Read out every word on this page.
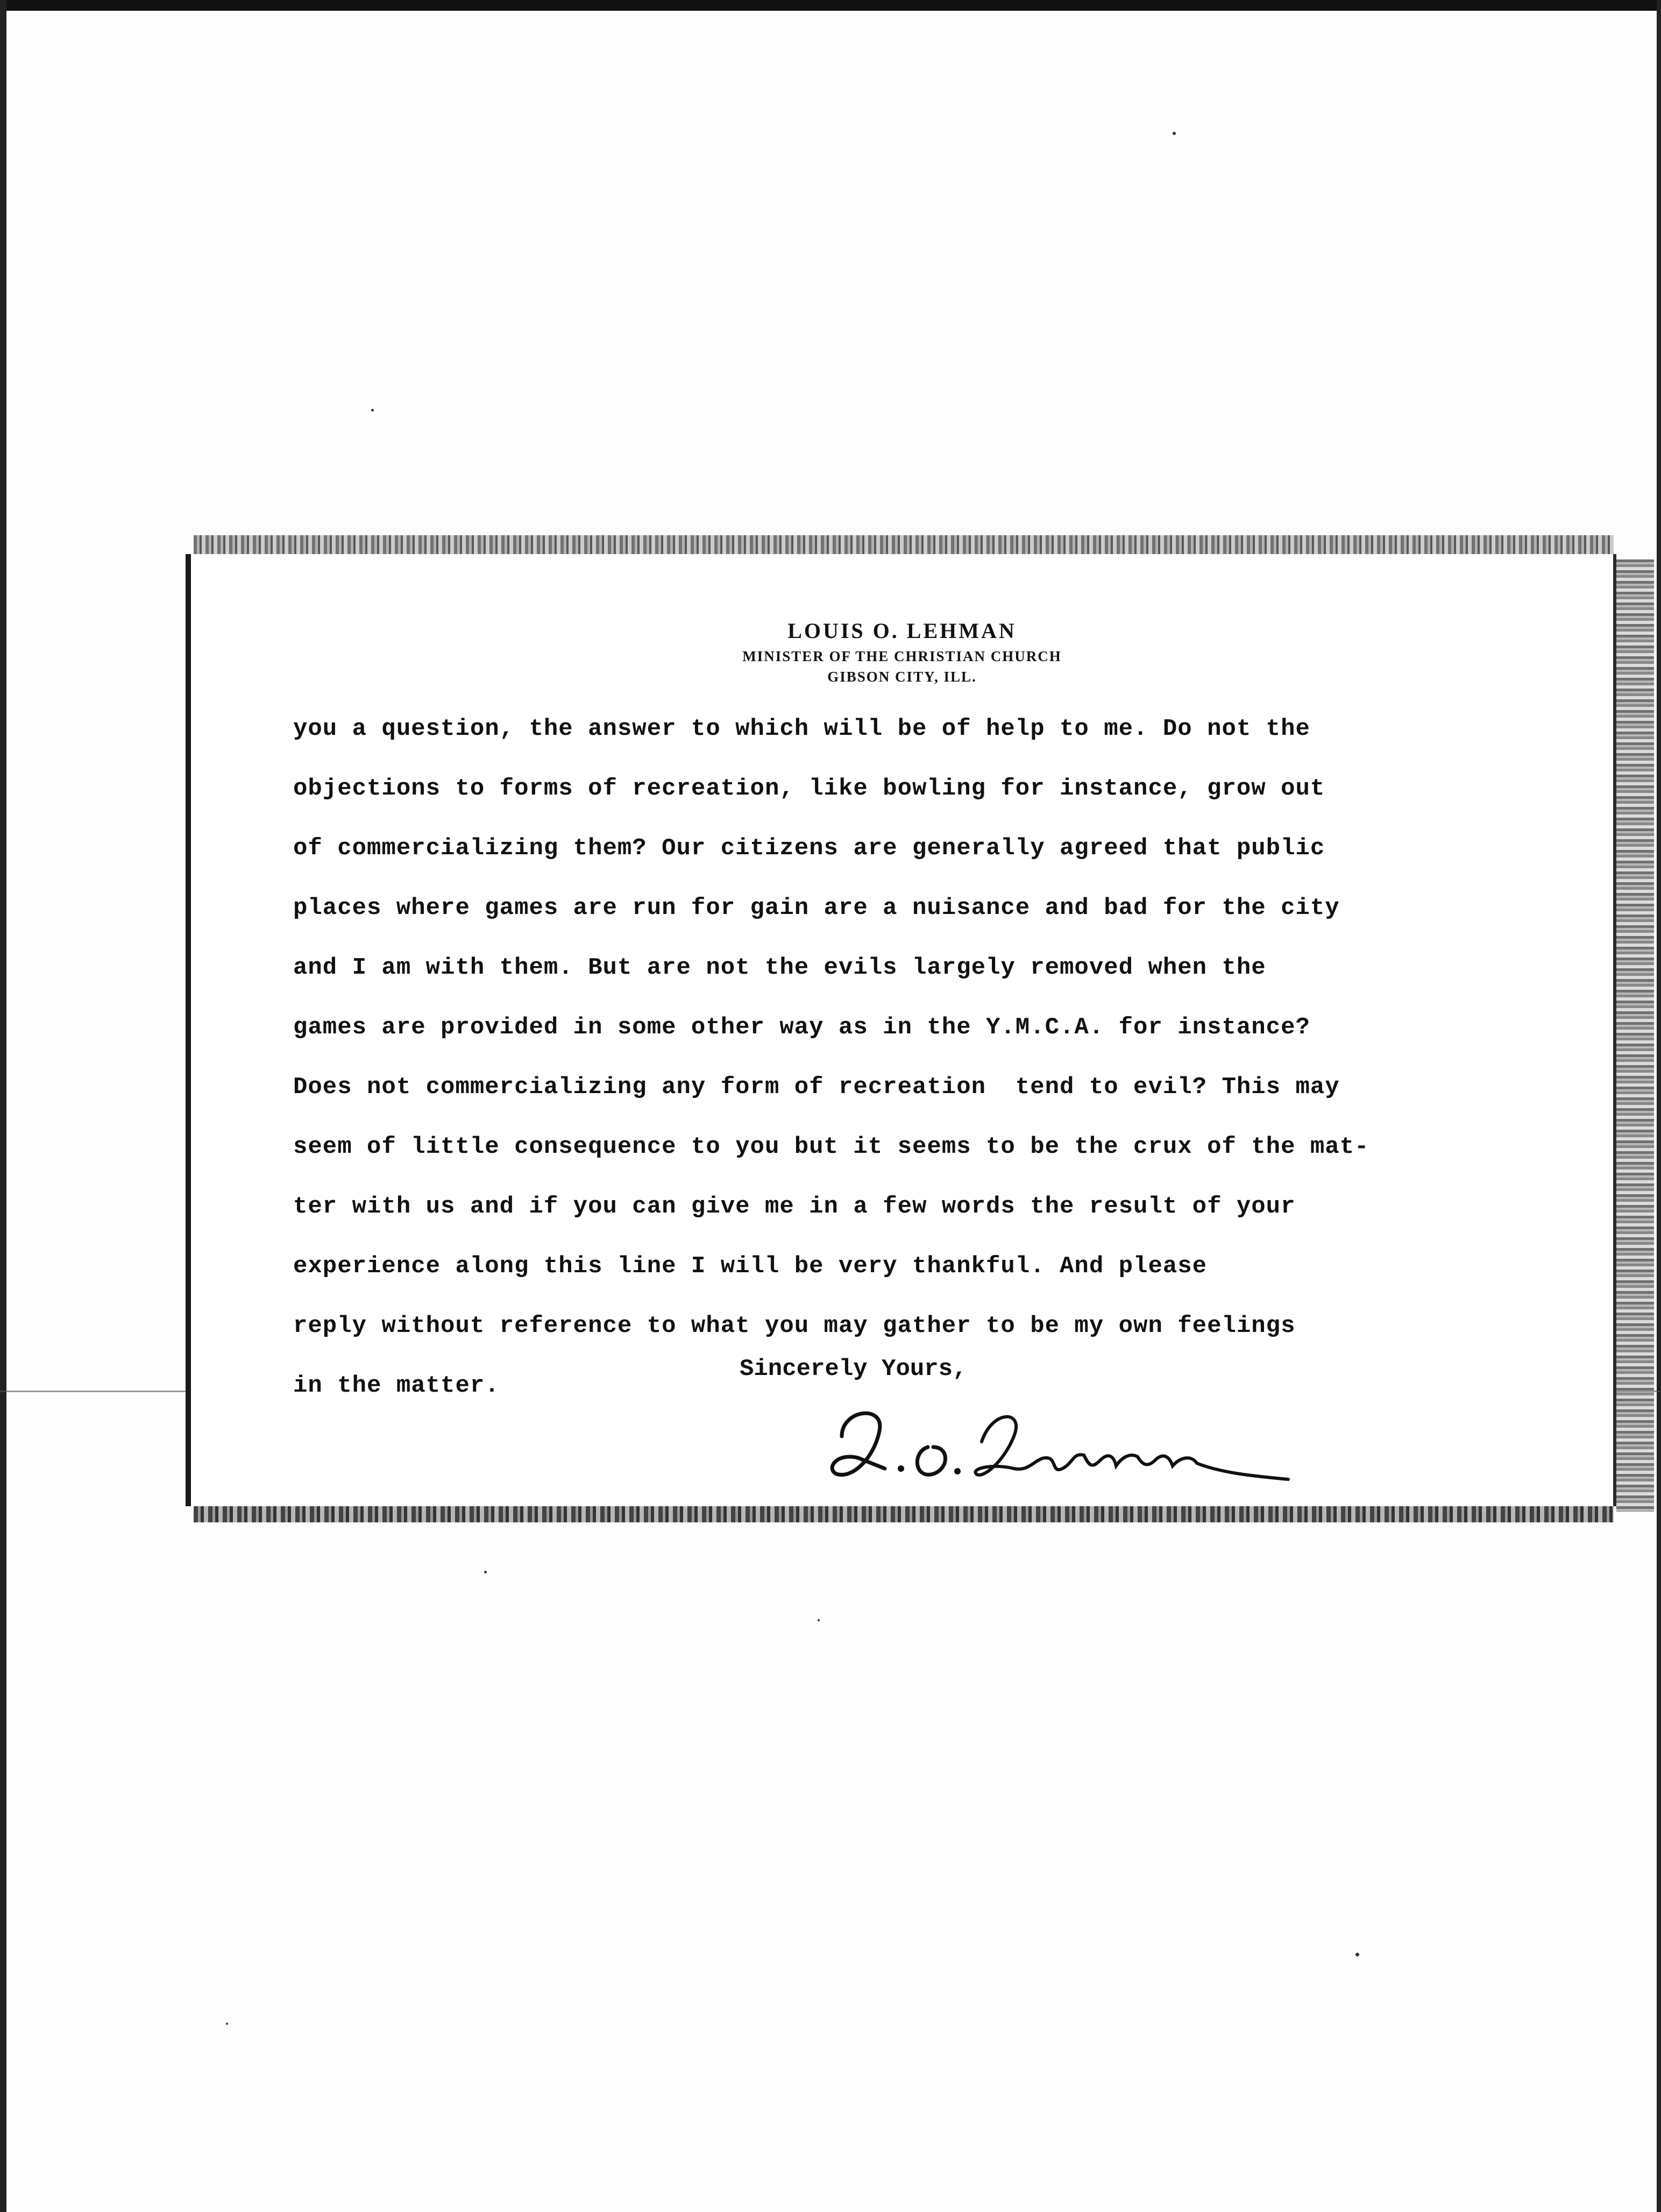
LOUIS O. LEHMAN
MINISTER OF THE CHRISTIAN CHURCH
GIBSON CITY, ILL.
you a question, the answer to which will be of help to me. Do not the
objections to forms of recreation, like bowling for instance, grow out
of commercializing them? Our citizens are generally agreed that public
places where games are run for gain are a nuisance and bad for the city
and I am with them. But are not the evils largely removed when the
games are provided in some other way as in the Y.M.C.A. for instance?
Does not commercializing any form of recreation  tend to evil? This may
seem of little consequence to you but it seems to be the crux of the mat-
ter with us and if you can give me in a few words the result of your
experience along this line I will be very thankful. And please
reply without reference to what you may gather to be my own feelings
in the matter.
Sincerely Yours,
